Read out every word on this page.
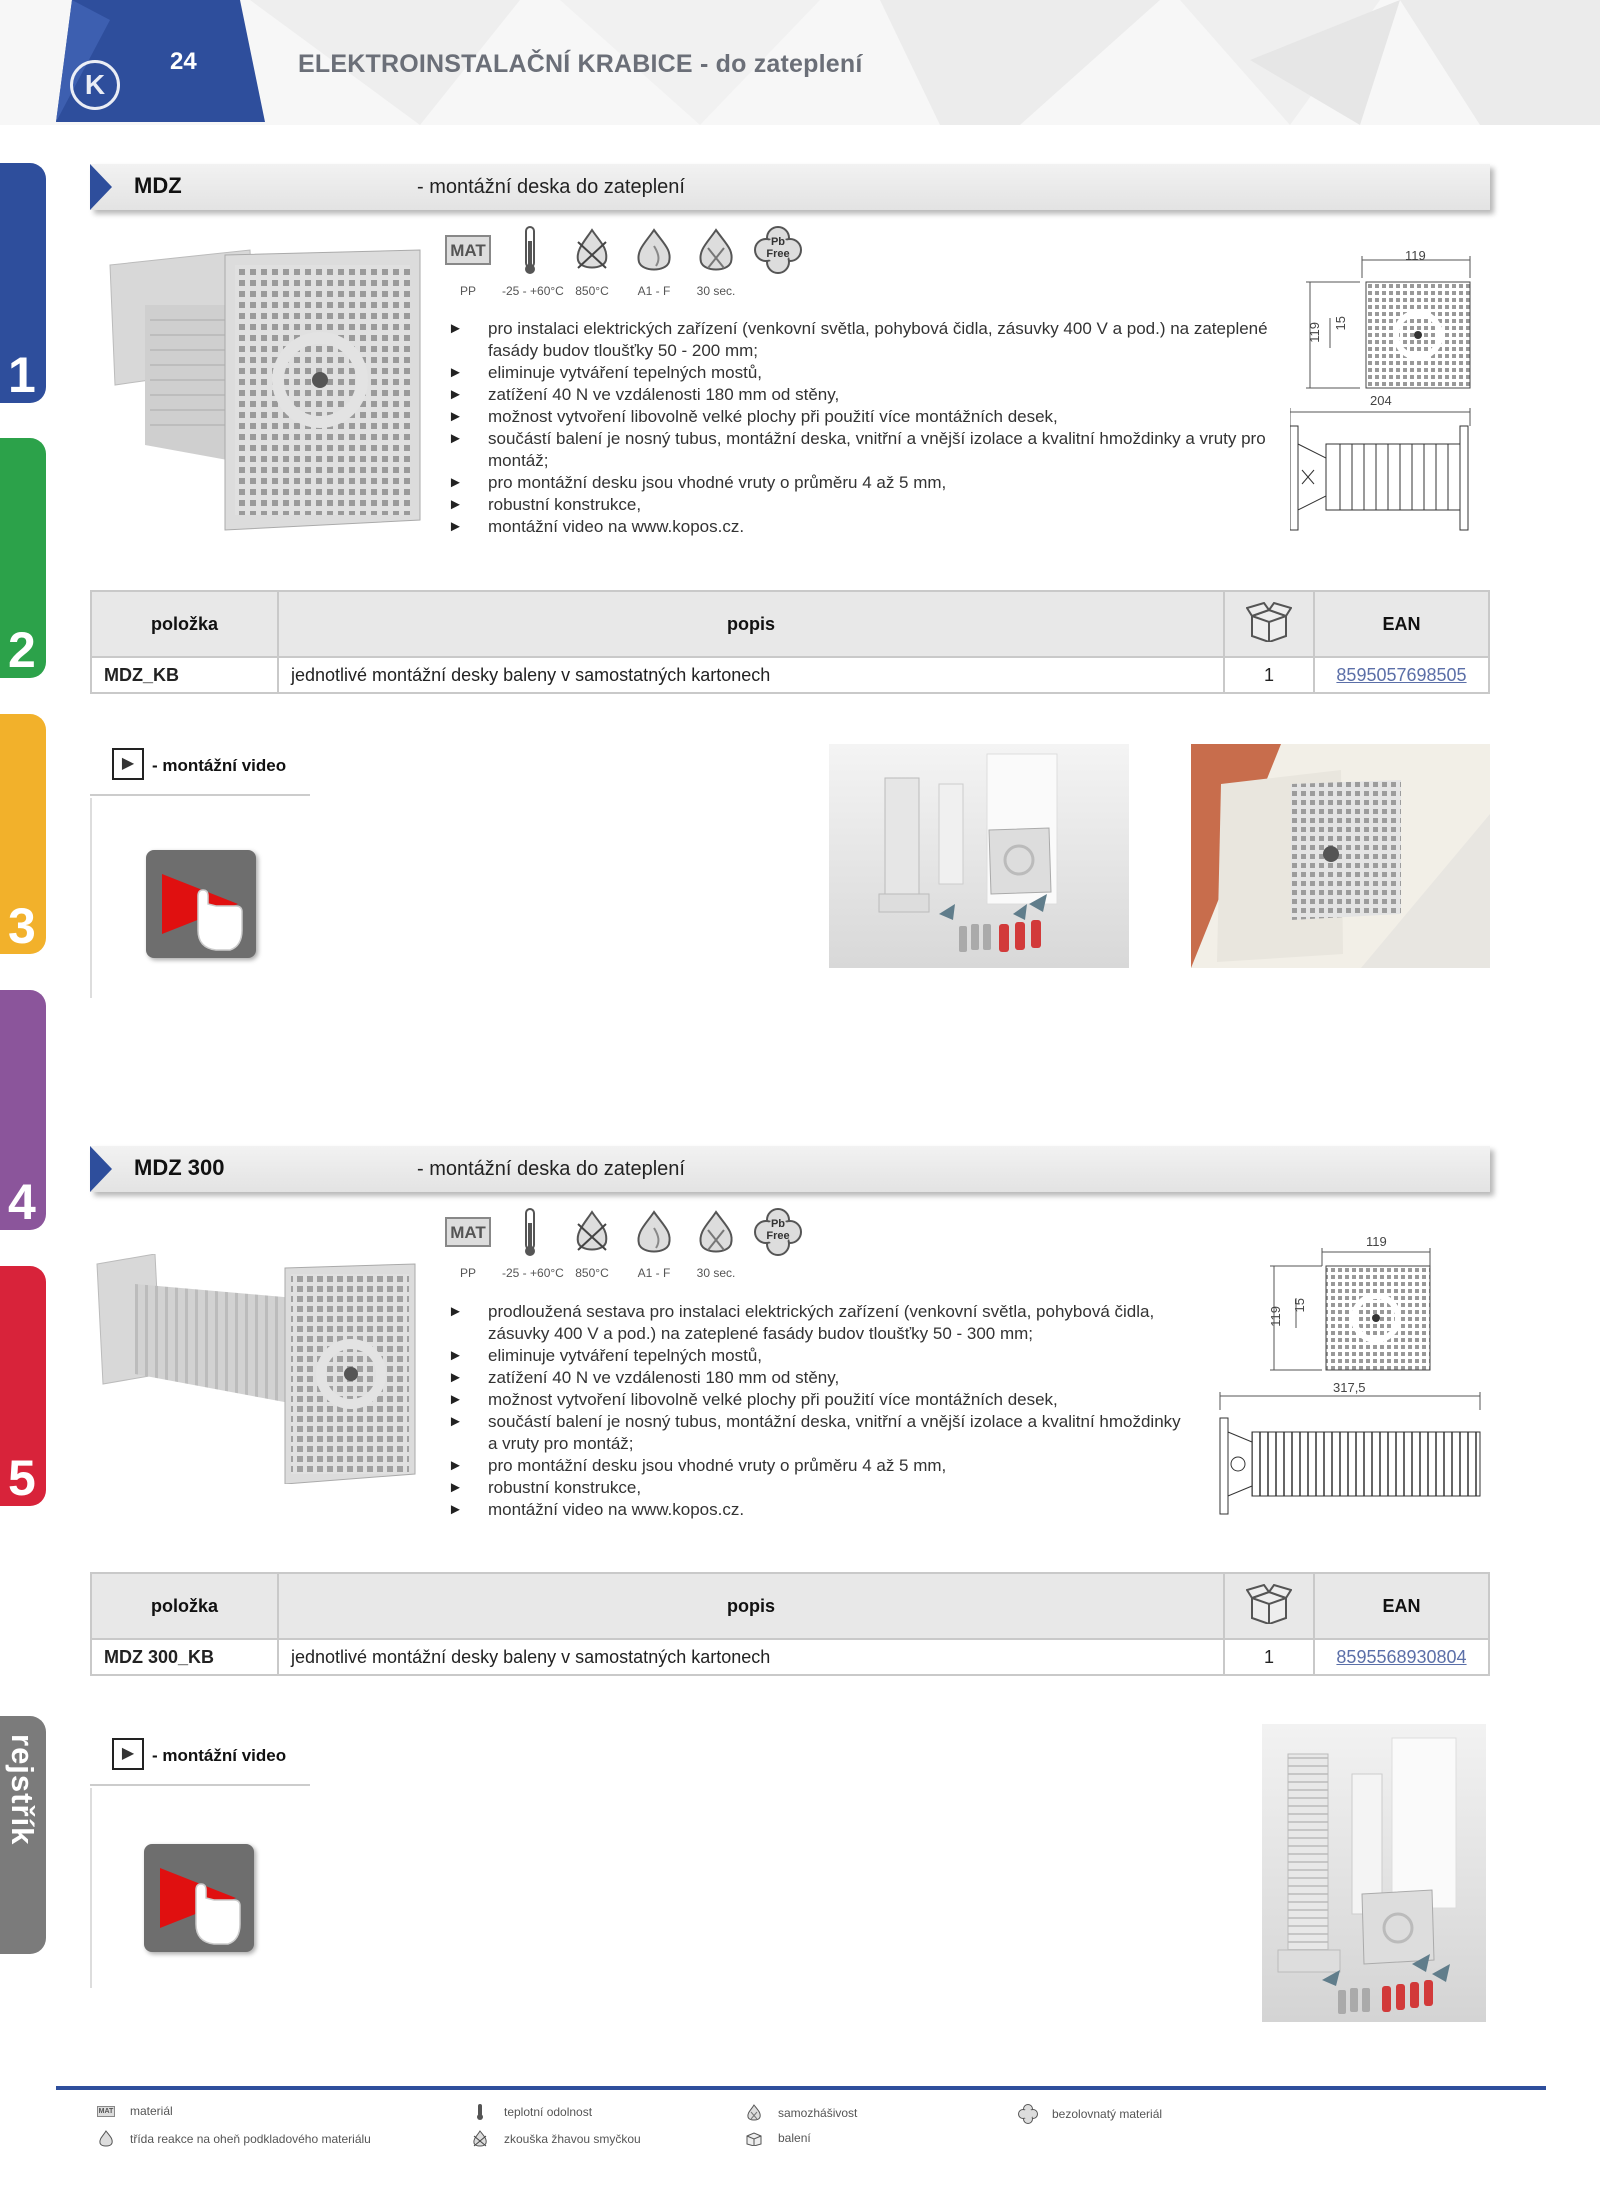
K
24	ELEKTROINSTALAČNÍ KRABICE - do zateplení
1
2
3
4
5
rejstřík
MDZ	- montážní deska do zateplení
MAT
PP	-25 - +60°C 850°C	A1 - F	30 sec.
Pb
Free

► pro instalaci elektrických zařízení (venkovní světla, pohybová čidla, zásuvky 400 V a pod.) na zateplené fasády budov tloušťky 50 - 200 mm;
► eliminuje vytváření tepelných mostů,
► zatížení 40 N ve vzdálenosti 180 mm od stěny,
► možnost vytvoření libovolně velké plochy při použití více montážních desek,
► součástí balení je nosný tubus, montážní deska, vnitřní a vnější izolace a kvalitní hmoždinky a vruty pro montáž;
► pro montážní desku jsou vhodné vruty o průměru 4 až 5 mm,
► robustní konstrukce,
► montážní video na www.kopos.cz.
119
119 15
204
položka	popis		EAN
MDZ_KB	jednotlivé montážní desky baleny v samostatných kartonech	1	8595057698505
▶	- montážní video
MDZ 300	- montážní deska do zateplení
MAT
PP	-25 - +60°C 850°C	A1 - F	30 sec.
Pb
Free

► prodloužená sestava pro instalaci elektrických zařízení (venkovní světla, pohybová čidla, zásuvky 400 V a pod.) na zateplené fasády budov tloušťky 50 - 300 mm;
► eliminuje vytváření tepelných mostů,
► zatížení 40 N ve vzdálenosti 180 mm od stěny,
► možnost vytvoření libovolně velké plochy při použití více montážních desek,
► součástí balení je nosný tubus, montážní deska, vnitřní a vnější izolace a kvalitní hmoždinky a vruty pro montáž;
► pro montážní desku jsou vhodné vruty o průměru 4 až 5 mm,
► robustní konstrukce,
► montážní video na www.kopos.cz.
119
119
15
317,5
položka	popis		EAN
MDZ 300_KB	jednotlivé montážní desky baleny v samostatných kartonech	1	8595568930804
▶	- montážní video
MAT materiál	teplotní odolnost	samozhášivost	bezolovnatý materiál
třída reakce na oheň podkladového materiálu	zkouška žhavou smyčkou	balení
